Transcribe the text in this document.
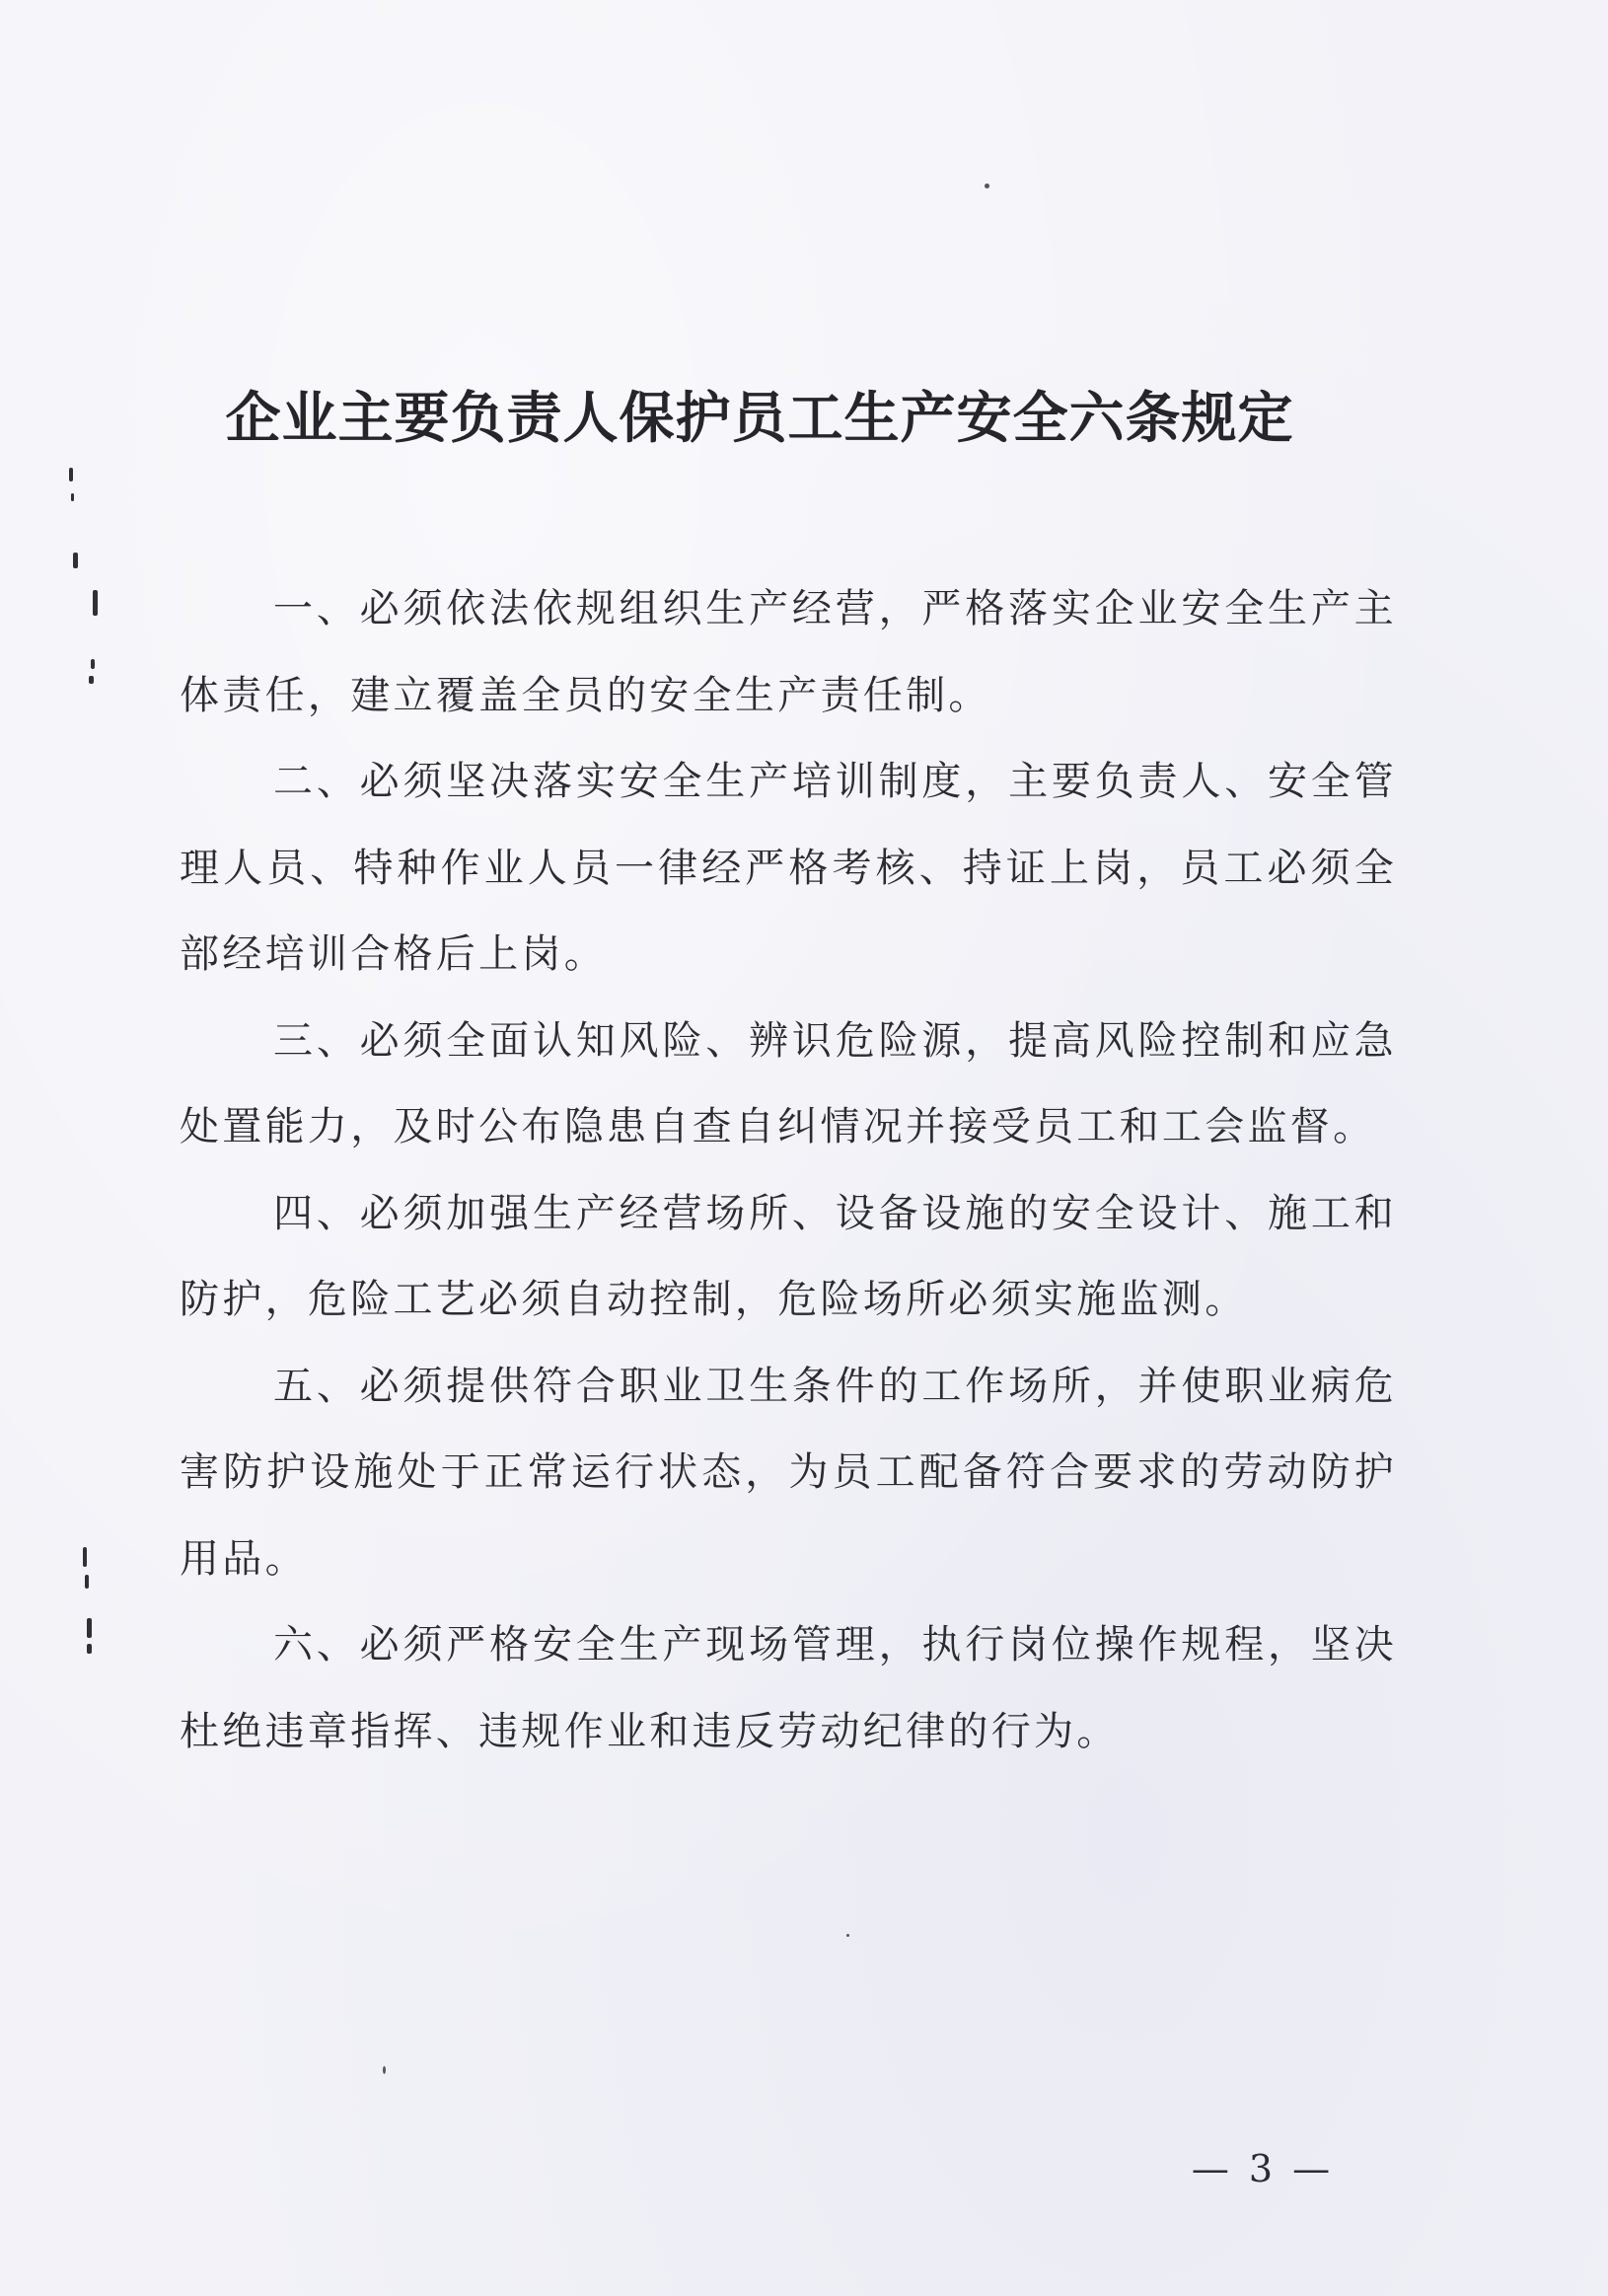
企业主要负责人保护员工生产安全六条规定

一、必须依法依规组织生产经营，严格落实企业安全生产主体责任，建立覆盖全员的安全生产责任制。

二、必须坚决落实安全生产培训制度，主要负责人、安全管理人员、特种作业人员一律经严格考核、持证上岗，员工必须全部经培训合格后上岗。

三、必须全面认知风险、辨识危险源，提高风险控制和应急处置能力，及时公布隐患自查自纠情况并接受员工和工会监督。

四、必须加强生产经营场所、设备设施的安全设计、施工和防护，危险工艺必须自动控制，危险场所必须实施监测。

五、必须提供符合职业卫生条件的工作场所，并使职业病危害防护设施处于正常运行状态，为员工配备符合要求的劳动防护用品。

六、必须严格安全生产现场管理，执行岗位操作规程，坚决杜绝违章指挥、违规作业和违反劳动纪律的行为。

— 3 —
